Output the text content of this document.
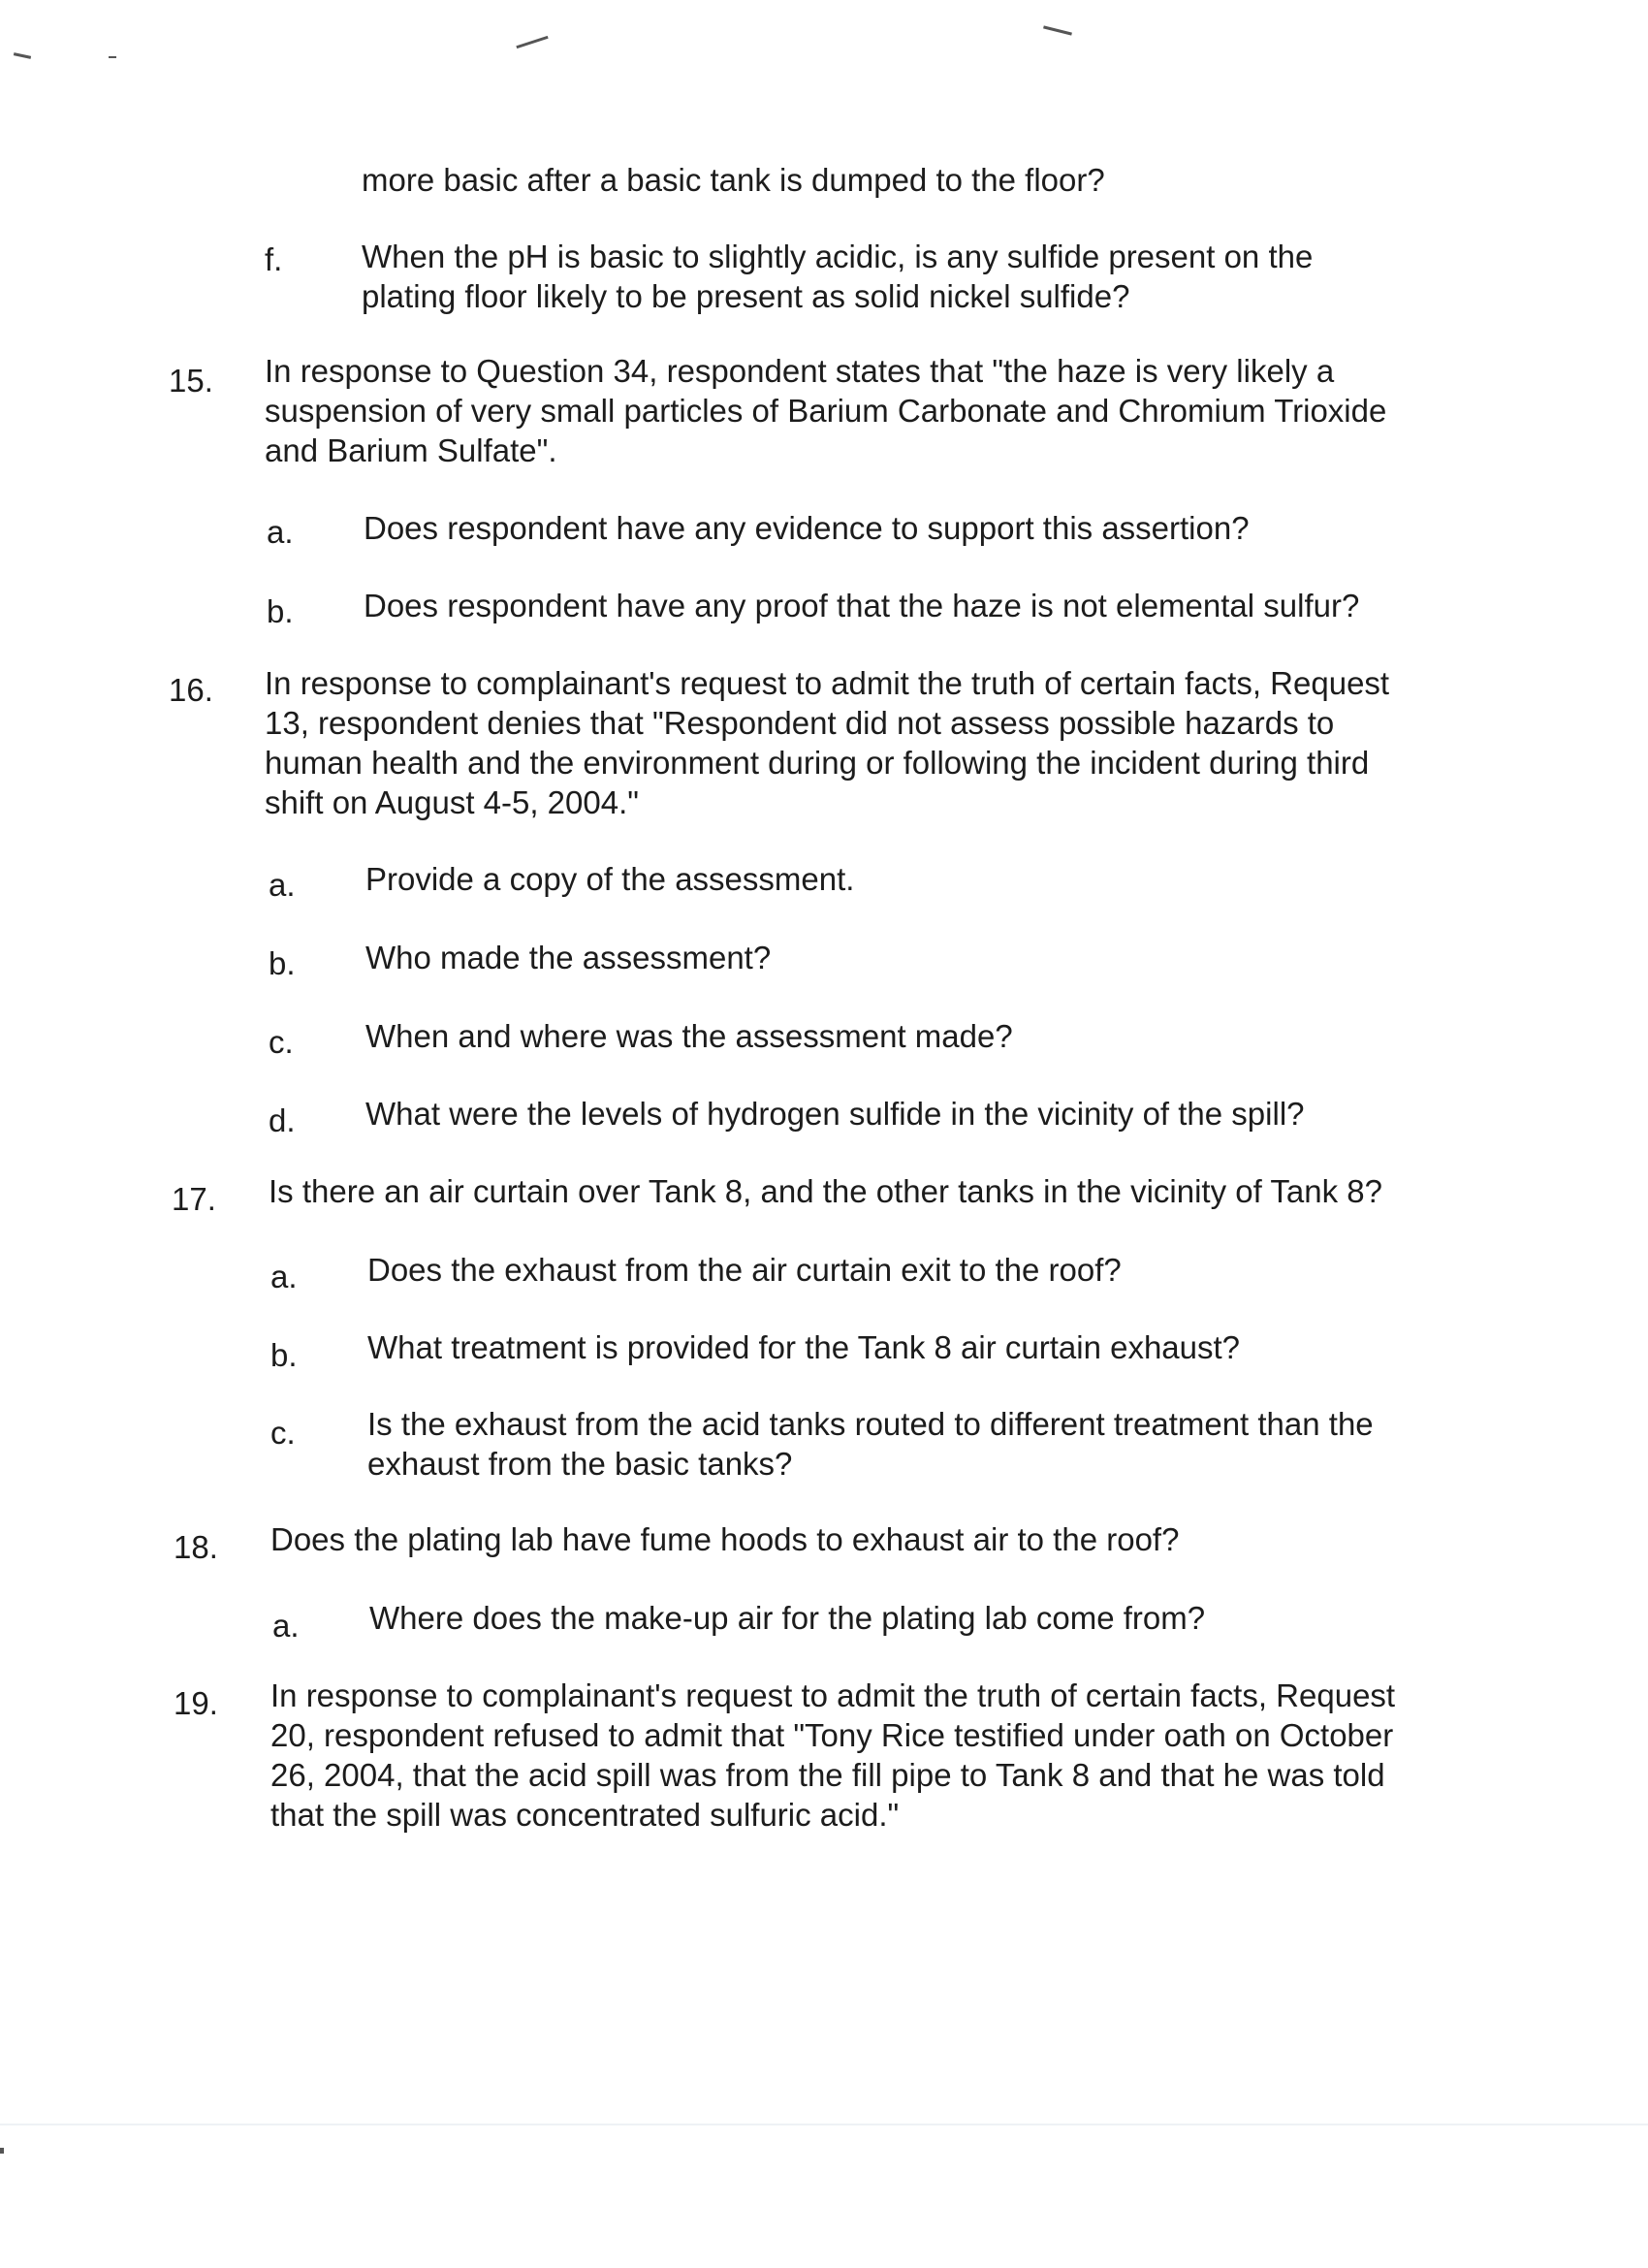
more basic after a basic tank is dumped to the floor?
f. When the pH is basic to slightly acidic, is any sulfide present on the
plating floor likely to be present as solid nickel sulfide?
15. In response to Question 34, respondent states that "the haze is very likely a
suspension of very small particles of Barium Carbonate and Chromium Trioxide
and Barium Sulfate".
a. Does respondent have any evidence to support this assertion?
b. Does respondent have any proof that the haze is not elemental sulfur?
16. In response to complainant's request to admit the truth of certain facts, Request
13, respondent denies that "Respondent did not assess possible hazards to
human health and the environment during or following the incident during third
shift on August 4-5, 2004."
a. Provide a copy of the assessment.
b. Who made the assessment?
c. When and where was the assessment made?
d. What were the levels of hydrogen sulfide in the vicinity of the spill?
17. Is there an air curtain over Tank 8, and the other tanks in the vicinity of Tank 8?
a. Does the exhaust from the air curtain exit to the roof?
b. What treatment is provided for the Tank 8 air curtain exhaust?
c. Is the exhaust from the acid tanks routed to different treatment than the
exhaust from the basic tanks?
18. Does the plating lab have fume hoods to exhaust air to the roof?
a. Where does the make-up air for the plating lab come from?
19. In response to complainant's request to admit the truth of certain facts, Request
20, respondent refused to admit that "Tony Rice testified under oath on October
26, 2004, that the acid spill was from the fill pipe to Tank 8 and that he was told
that the spill was concentrated sulfuric acid."
